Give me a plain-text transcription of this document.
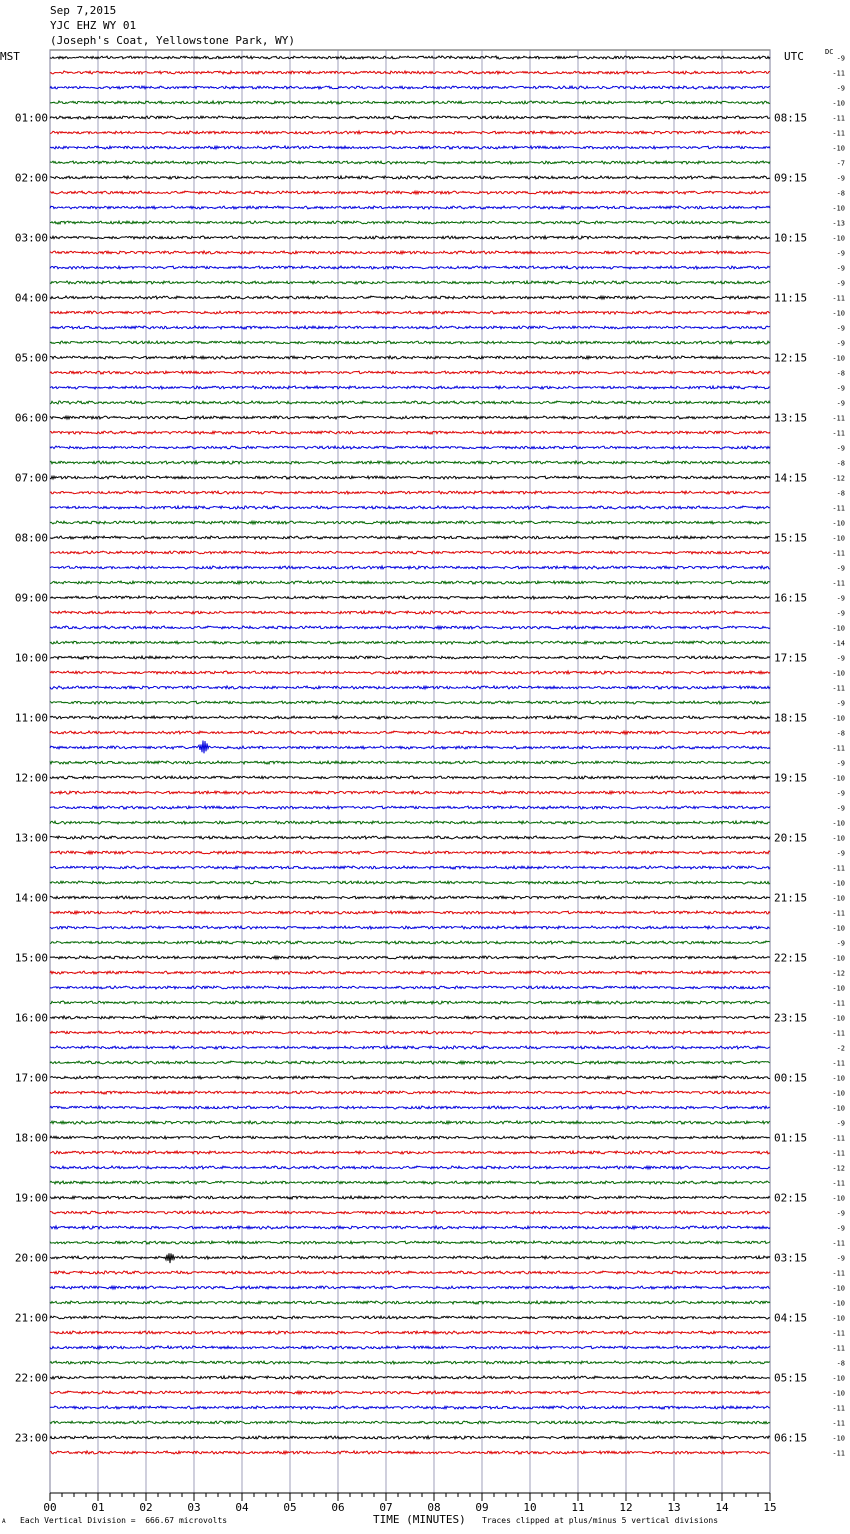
Sep 7,2015
YJC EHZ WY 01
(Joseph's Coat, Yellowstone Park, WY)
MST	UTC	DC
-9
-11
-9
-10
-11
-11
-10
-7
-9
-8
-10
-13
-10
-9
-9
-9
-11
-10
-9
-9
-10
-8
-9
-9
-11
-11
-9
-8
-12
-8
-11
-10
-10
-11
-9
-11
-9
-9
-10
-14
-9
-10
-11
-9
-10
-8
-11
-9
-10
-9
-9
-10
-10
-9
-11
-10
-10
-11
-10
-9
-10
-12
-10
-11
-10
-11
-2
-11
-10
-10
-10
-9
-11
-11
-12
-11
-10
-9
-9
-11
-9
-11
-10
-10
-10
-11
-11
-8
-10
-10
-11
-11
-10
-11
01:00	08:15
02:00	09:15
03:00	10:15
04:00	11:15
05:00	12:15
06:00	13:15
07:00	14:15
08:00	15:15
09:00	16:15
10:00	17:15
11:00	18:15
12:00	19:15
13:00	20:15
14:00	21:15
15:00	22:15
16:00	23:15
17:00	00:15
18:00	01:15
19:00	02:15
20:00	03:15
21:00	04:15
22:00	05:15
23:00	06:15
00	01	02	03	04	05	06	07	08	09	10	11	12	13	14	15
A Each Vertical Division =  666.67 microvolts	TIME (MINUTES) Traces clipped at plus/minus 5 vertical divisions
